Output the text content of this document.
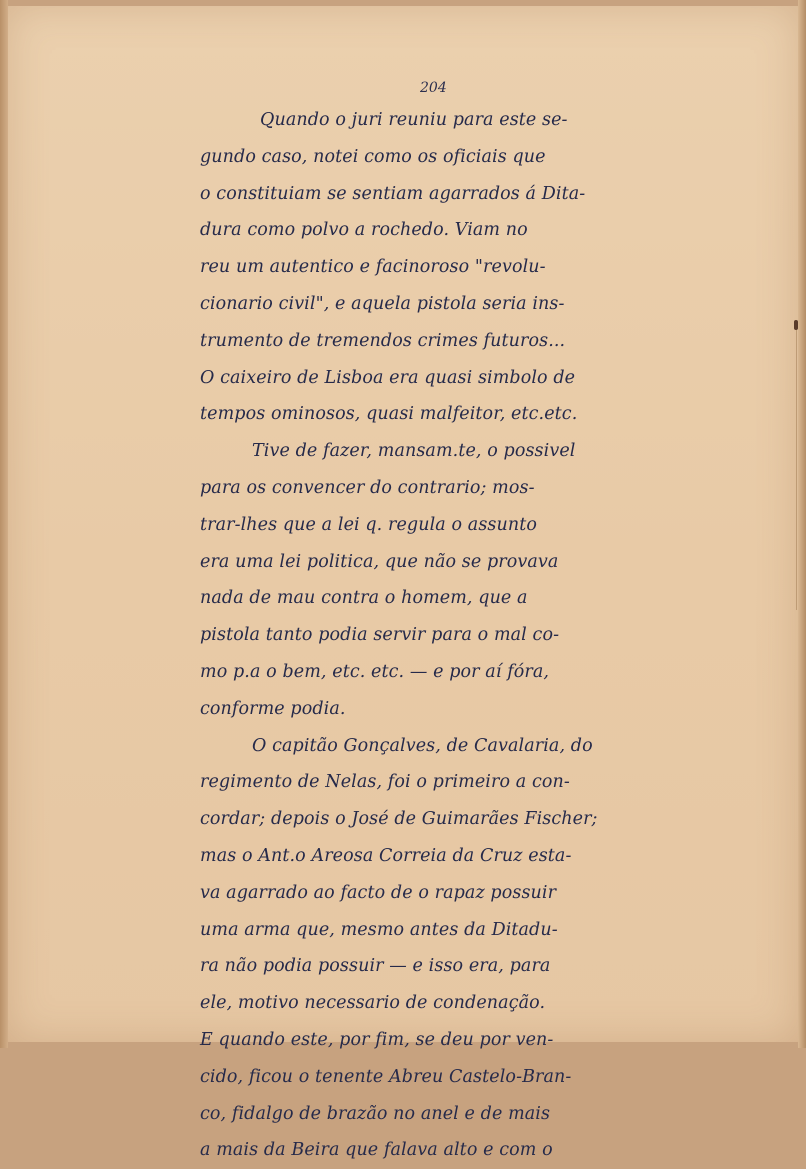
204
Quando o juri reuniu para este se-
gundo caso, notei como os oficiais que
o constituiam se sentiam agarrados á Dita-
dura como polvo a rochedo. Viam no
reu um autentico e facinoroso "revolu-
cionario civil", e aquela pistola seria ins-
trumento de tremendos crimes futuros...
O caixeiro de Lisboa era quasi simbolo de
tempos ominosos, quasi malfeitor, etc.etc.
Tive de fazer, mansam.te, o possivel
para os convencer do contrario; mos-
trar-lhes que a lei q. regula o assunto
era uma lei politica, que não se provava
nada de mau contra o homem, que a
pistola tanto podia servir para o mal co-
mo p.a o bem, etc. etc. — e por aí fóra,
conforme podia.
O capitão Gonçalves, de Cavalaria, do
regimento de Nelas, foi o primeiro a con-
cordar; depois o José de Guimarães Fischer;
mas o Ant.o Areosa Correia da Cruz esta-
va agarrado ao facto de o rapaz possuir
uma arma que, mesmo antes da Ditadu-
ra não podia possuir — e isso era, para
ele, motivo necessario de condenação.
E quando este, por fim, se deu por ven-
cido, ficou o tenente Abreu Castelo-Bran-
co, fidalgo de brazão no anel e de mais
a mais da Beira que falava alto e com o
